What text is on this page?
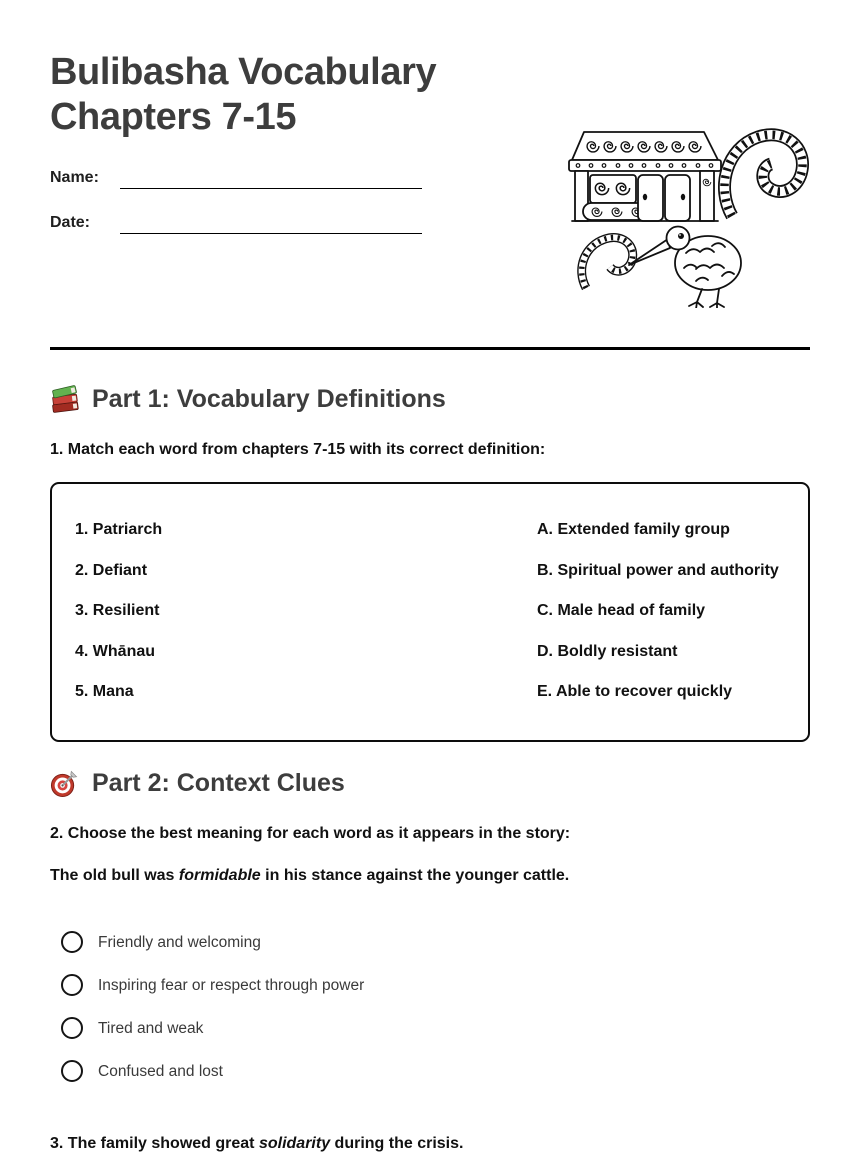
Bulibasha Vocabulary
Chapters 7-15
Name:
Date:
Part 1: Vocabulary Definitions
1. Match each word from chapters 7-15 with its correct definition:
1. Patriarch	A. Extended family group
2. Defiant	B. Spiritual power and authority
3. Resilient	C. Male head of family
4. Whānau	D. Boldly resistant
5. Mana	E. Able to recover quickly
Part 2: Context Clues
2. Choose the best meaning for each word as it appears in the story:
The old bull was formidable in his stance against the younger cattle.
Friendly and welcoming
Inspiring fear or respect through power
Tired and weak
Confused and lost
3. The family showed great solidarity during the crisis.
